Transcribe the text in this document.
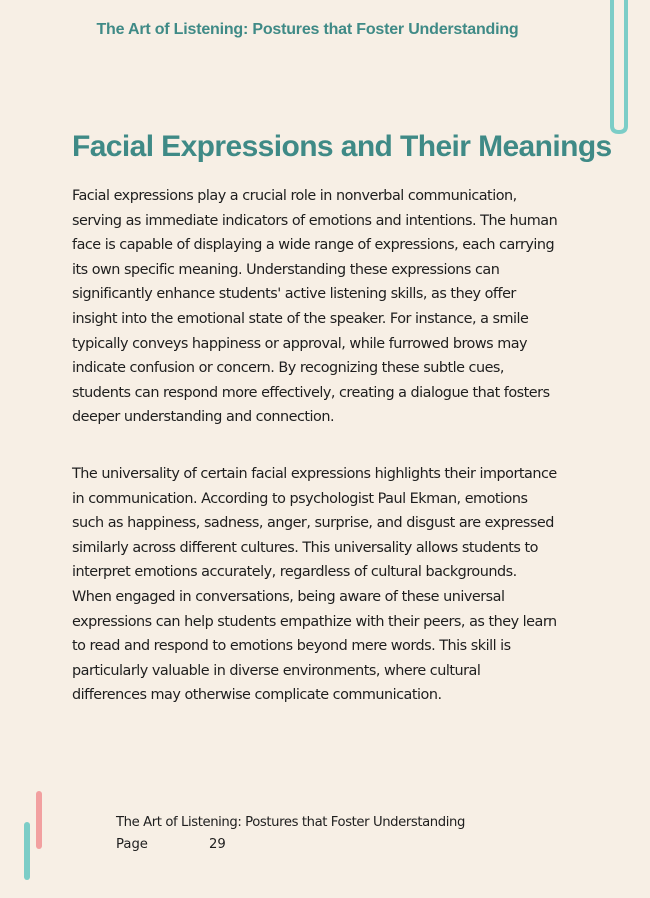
The Art of Listening: Postures that Foster Understanding
Facial Expressions and Their Meanings

Facial expressions play a crucial role in nonverbal communication, serving as immediate indicators of emotions and intentions. The human face is capable of displaying a wide range of expressions, each carrying its own specific meaning. Understanding these expressions can significantly enhance students' active listening skills, as they offer insight into the emotional state of the speaker. For instance, a smile typically conveys happiness or approval, while furrowed brows may indicate confusion or concern. By recognizing these subtle cues, students can respond more effectively, creating a dialogue that fosters deeper understanding and connection.

The universality of certain facial expressions highlights their importance in communication. According to psychologist Paul Ekman, emotions such as happiness, sadness, anger, surprise, and disgust are expressed similarly across different cultures. This universality allows students to interpret emotions accurately, regardless of cultural backgrounds. When engaged in conversations, being aware of these universal expressions can help students empathize with their peers, as they learn to read and respond to emotions beyond mere words. This skill is particularly valuable in diverse environments, where cultural differences may otherwise complicate communication.

The Art of Listening: Postures that Foster Understanding
Page	29
